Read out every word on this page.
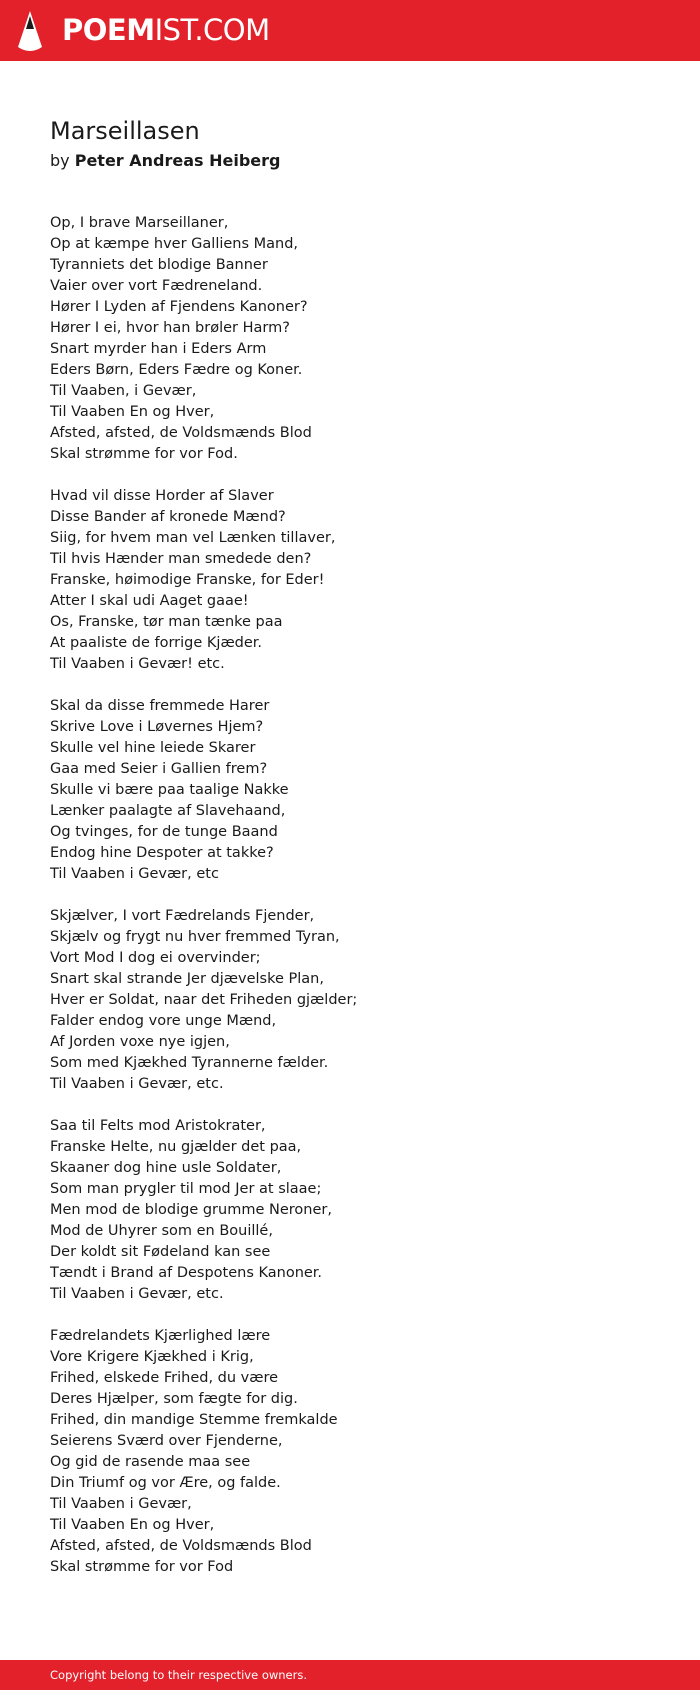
POEMIST.COM
Marseillasen

by Peter Andreas Heiberg

Op, I brave Marseillaner,
Op at kæmpe hver Galliens Mand,
Tyranniets det blodige Banner
Vaier over vort Fædreneland.
Hører I Lyden af Fjendens Kanoner?
Hører I ei, hvor han brøler Harm?
Snart myrder han i Eders Arm
Eders Børn, Eders Fædre og Koner.
Til Vaaben, i Gevær,
Til Vaaben En og Hver,
Afsted, afsted, de Voldsmænds Blod
Skal strømme for vor Fod.
Hvad vil disse Horder af Slaver
Disse Bander af kronede Mænd?
Siig, for hvem man vel Lænken tillaver,
Til hvis Hænder man smedede den?
Franske, høimodige Franske, for Eder!
Atter I skal udi Aaget gaae!
Os, Franske, tør man tænke paa
At paaliste de forrige Kjæder.
Til Vaaben i Gevær! etc.
Skal da disse fremmede Harer
Skrive Love i Løvernes Hjem?
Skulle vel hine leiede Skarer
Gaa med Seier i Gallien frem?
Skulle vi bære paa taalige Nakke
Lænker paalagte af Slavehaand,
Og tvinges, for de tunge Baand
Endog hine Despoter at takke?
Til Vaaben i Gevær, etc
Skjælver, I vort Fædrelands Fjender,
Skjælv og frygt nu hver fremmed Tyran,
Vort Mod I dog ei overvinder;
Snart skal strande Jer djævelske Plan,
Hver er Soldat, naar det Friheden gjælder;
Falder endog vore unge Mænd,
Af Jorden voxe nye igjen,
Som med Kjækhed Tyrannerne fælder.
Til Vaaben i Gevær, etc.
Saa til Felts mod Aristokrater,
Franske Helte, nu gjælder det paa,
Skaaner dog hine usle Soldater,
Som man prygler til mod Jer at slaae;
Men mod de blodige grumme Neroner,
Mod de Uhyrer som en Bouillé,
Der koldt sit Fødeland kan see
Tændt i Brand af Despotens Kanoner.
Til Vaaben i Gevær, etc.
Fædrelandets Kjærlighed lære
Vore Krigere Kjækhed i Krig,
Frihed, elskede Frihed, du være
Deres Hjælper, som fægte for dig.
Frihed, din mandige Stemme fremkalde
Seierens Sværd over Fjenderne,
Og gid de rasende maa see
Din Triumf og vor Ære, og falde.
Til Vaaben i Gevær,
Til Vaaben En og Hver,
Afsted, afsted, de Voldsmænds Blod
Skal strømme for vor Fod
Copyright belong to their respective owners.
